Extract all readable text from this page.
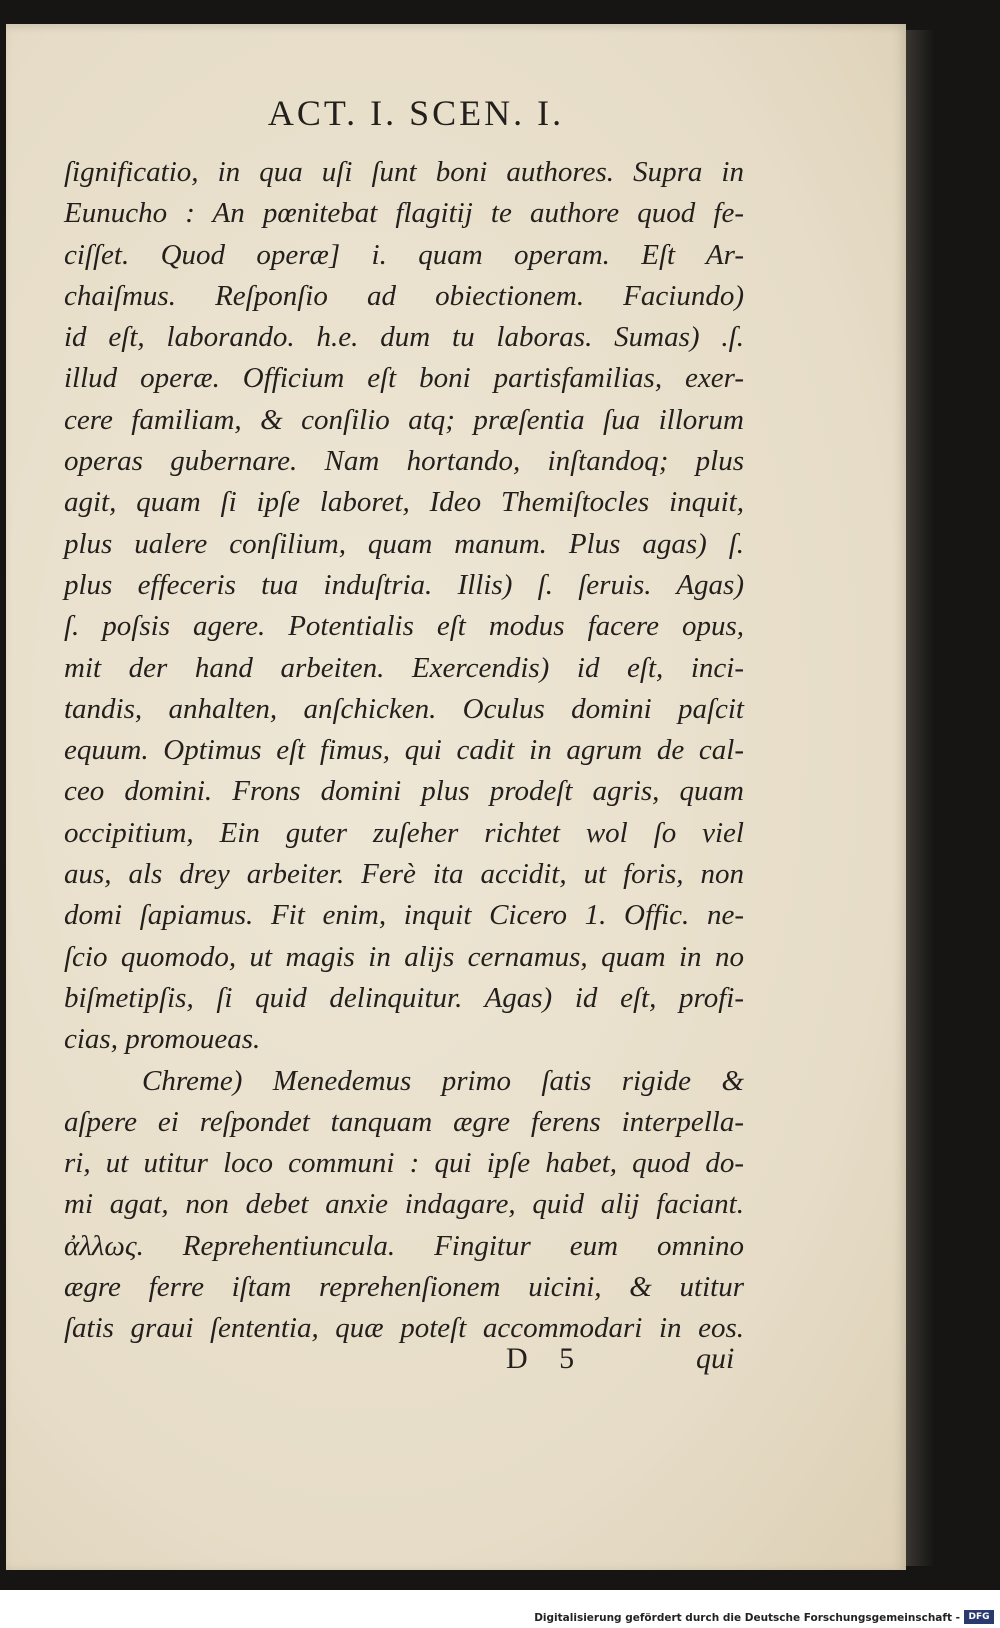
ACT. I. SCEN. I.
ſignificatio, in qua uſi ſunt boni authores. Supra in
Eunucho : An pœnitebat flagitij te authore quod fe-
ciſſet. Quod operæ] i. quam operam. Eſt Ar-
chaiſmus. Reſponſio ad obiectionem. Faciundo)
id eſt, laborando. h.e. dum tu laboras. Sumas) .ſ.
illud operæ. Officium eſt boni partisfamilias, exer-
cere familiam, & conſilio atq; præſentia ſua illorum
operas gubernare. Nam hortando, inſtandoq; plus
agit, quam ſi ipſe laboret, Ideo Themiſtocles inquit,
plus ualere conſilium, quam manum. Plus agas) ſ.
plus effeceris tua induſtria. Illis) ſ. ſeruis. Agas)
ſ. poſsis agere. Potentialis eſt modus facere opus,
mit der hand arbeiten. Exercendis) id eſt, inci-
tandis, anhalten, anſchicken. Oculus domini paſcit
equum. Optimus eſt fimus, qui cadit in agrum de cal-
ceo domini. Frons domini plus prodeſt agris, quam
occipitium, Ein guter zuſeher richtet wol ſo viel
aus, als drey arbeiter. Ferè ita accidit, ut foris, non
domi ſapiamus. Fit enim, inquit Cicero 1. Offic. ne-
ſcio quomodo, ut magis in alijs cernamus, quam in no
biſmetipſis, ſi quid delinquitur. Agas) id eſt, profi-
cias, promoueas.
Chreme) Menedemus primo ſatis rigide &
aſpere ei reſpondet tanquam ægre ferens interpella-
ri, ut utitur loco communi : qui ipſe habet, quod do-
mi agat, non debet anxie indagare, quid alij faciant.
ἀλλως. Reprehentiuncula. Fingitur eum omnino
ægre ferre iſtam reprehenſionem uicini, & utitur
ſatis graui ſententia, quæ poteſt accommodari in eos.
D 5	qui
Digitalisierung gefördert durch die Deutsche Forschungsgemeinschaft - DFG
